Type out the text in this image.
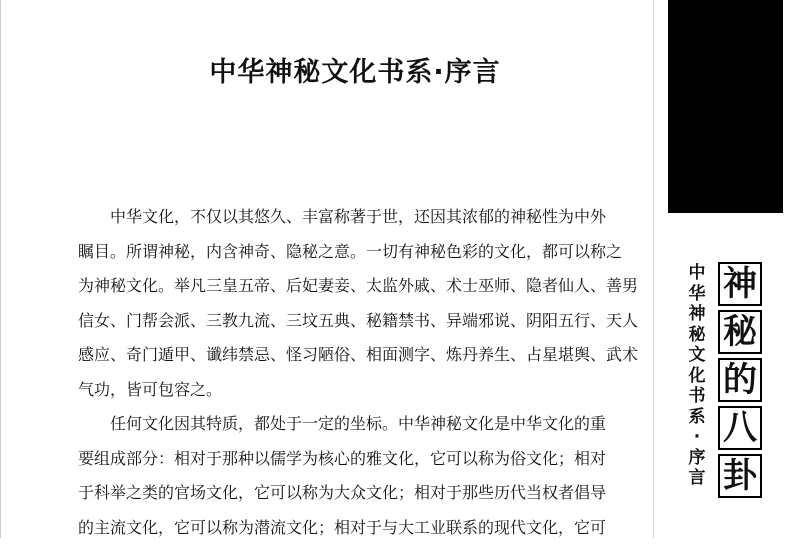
中华神秘文化书系·序言
　　中华文化，不仅以其悠久、丰富称著于世，还因其浓郁的神秘性为中外
瞩目。所谓神秘，内含神奇、隐秘之意。一切有神秘色彩的文化，都可以称之
为神秘文化。举凡三皇五帝、后妃妻妾、太监外戚、术士巫师、隐者仙人、善男
信女、门帮会派、三教九流、三坟五典、秘籍禁书、异端邪说、阴阳五行、天人
感应、奇门遁甲、谶纬禁忌、怪习陋俗、相面测字、炼丹养生、占星堪舆、武术
气功，皆可包容之。
　　任何文化因其特质，都处于一定的坐标。中华神秘文化是中华文化的重
要组成部分：相对于那种以儒学为核心的雅文化，它可以称为俗文化；相对
于科举之类的官场文化，它可以称为大众文化；相对于那些历代当权者倡导
的主流文化，它可以称为潜流文化；相对于与大工业联系的现代文化，它可
中华神秘文化书系·序言
神
秘
的
八
卦
